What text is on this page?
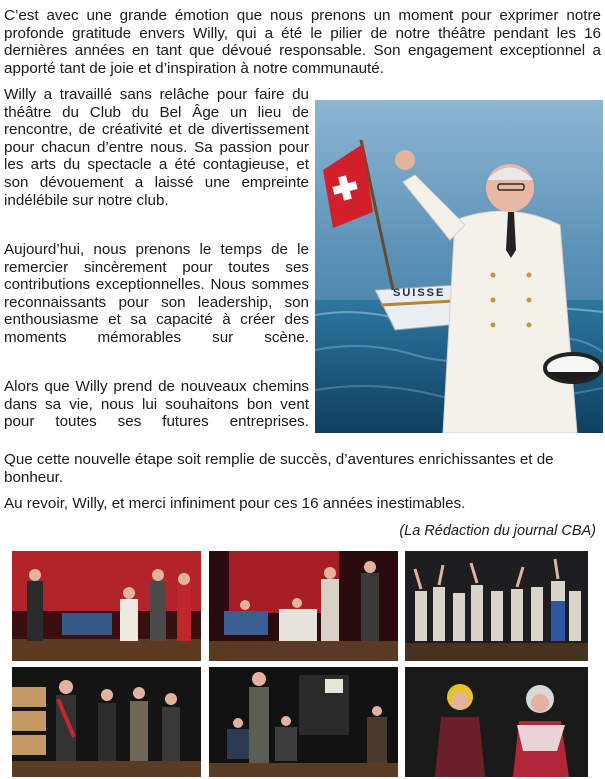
C’est avec une grande émotion que nous prenons un moment pour exprimer notre profonde gratitude envers Willy, qui a été le pilier de notre théâtre pendant les 16 dernières années en tant que dévoué responsable. Son engagement exceptionnel a apporté tant de joie et d’inspiration à notre communauté.

Willy a travaillé sans relâche pour faire du théâtre du Club du Bel Âge un lieu de rencontre, de créativité et de divertissement pour chacun d’entre nous. Sa passion pour les arts du spectacle a été contagieuse, et son dévouement a laissé une empreinte indélébile sur notre club.

Aujourd’hui, nous prenons le temps de le remercier sincèrement pour toutes ses contributions exceptionnelles. Nous sommes reconnaissants pour son leadership, son enthousiasme et sa capacité à créer des moments mémorables sur scène.

Alors que Willy prend de nouveaux chemins dans sa vie, nous lui souhaitons bon vent pour toutes ses futures entreprises.

Que cette nouvelle étape soit remplie de succès, d’aventures enrichissantes et de bonheur.

Au revoir, Willy, et merci infiniment pour ces 16 années inestimables.

(La Rédaction du journal CBA)
SUISSE
